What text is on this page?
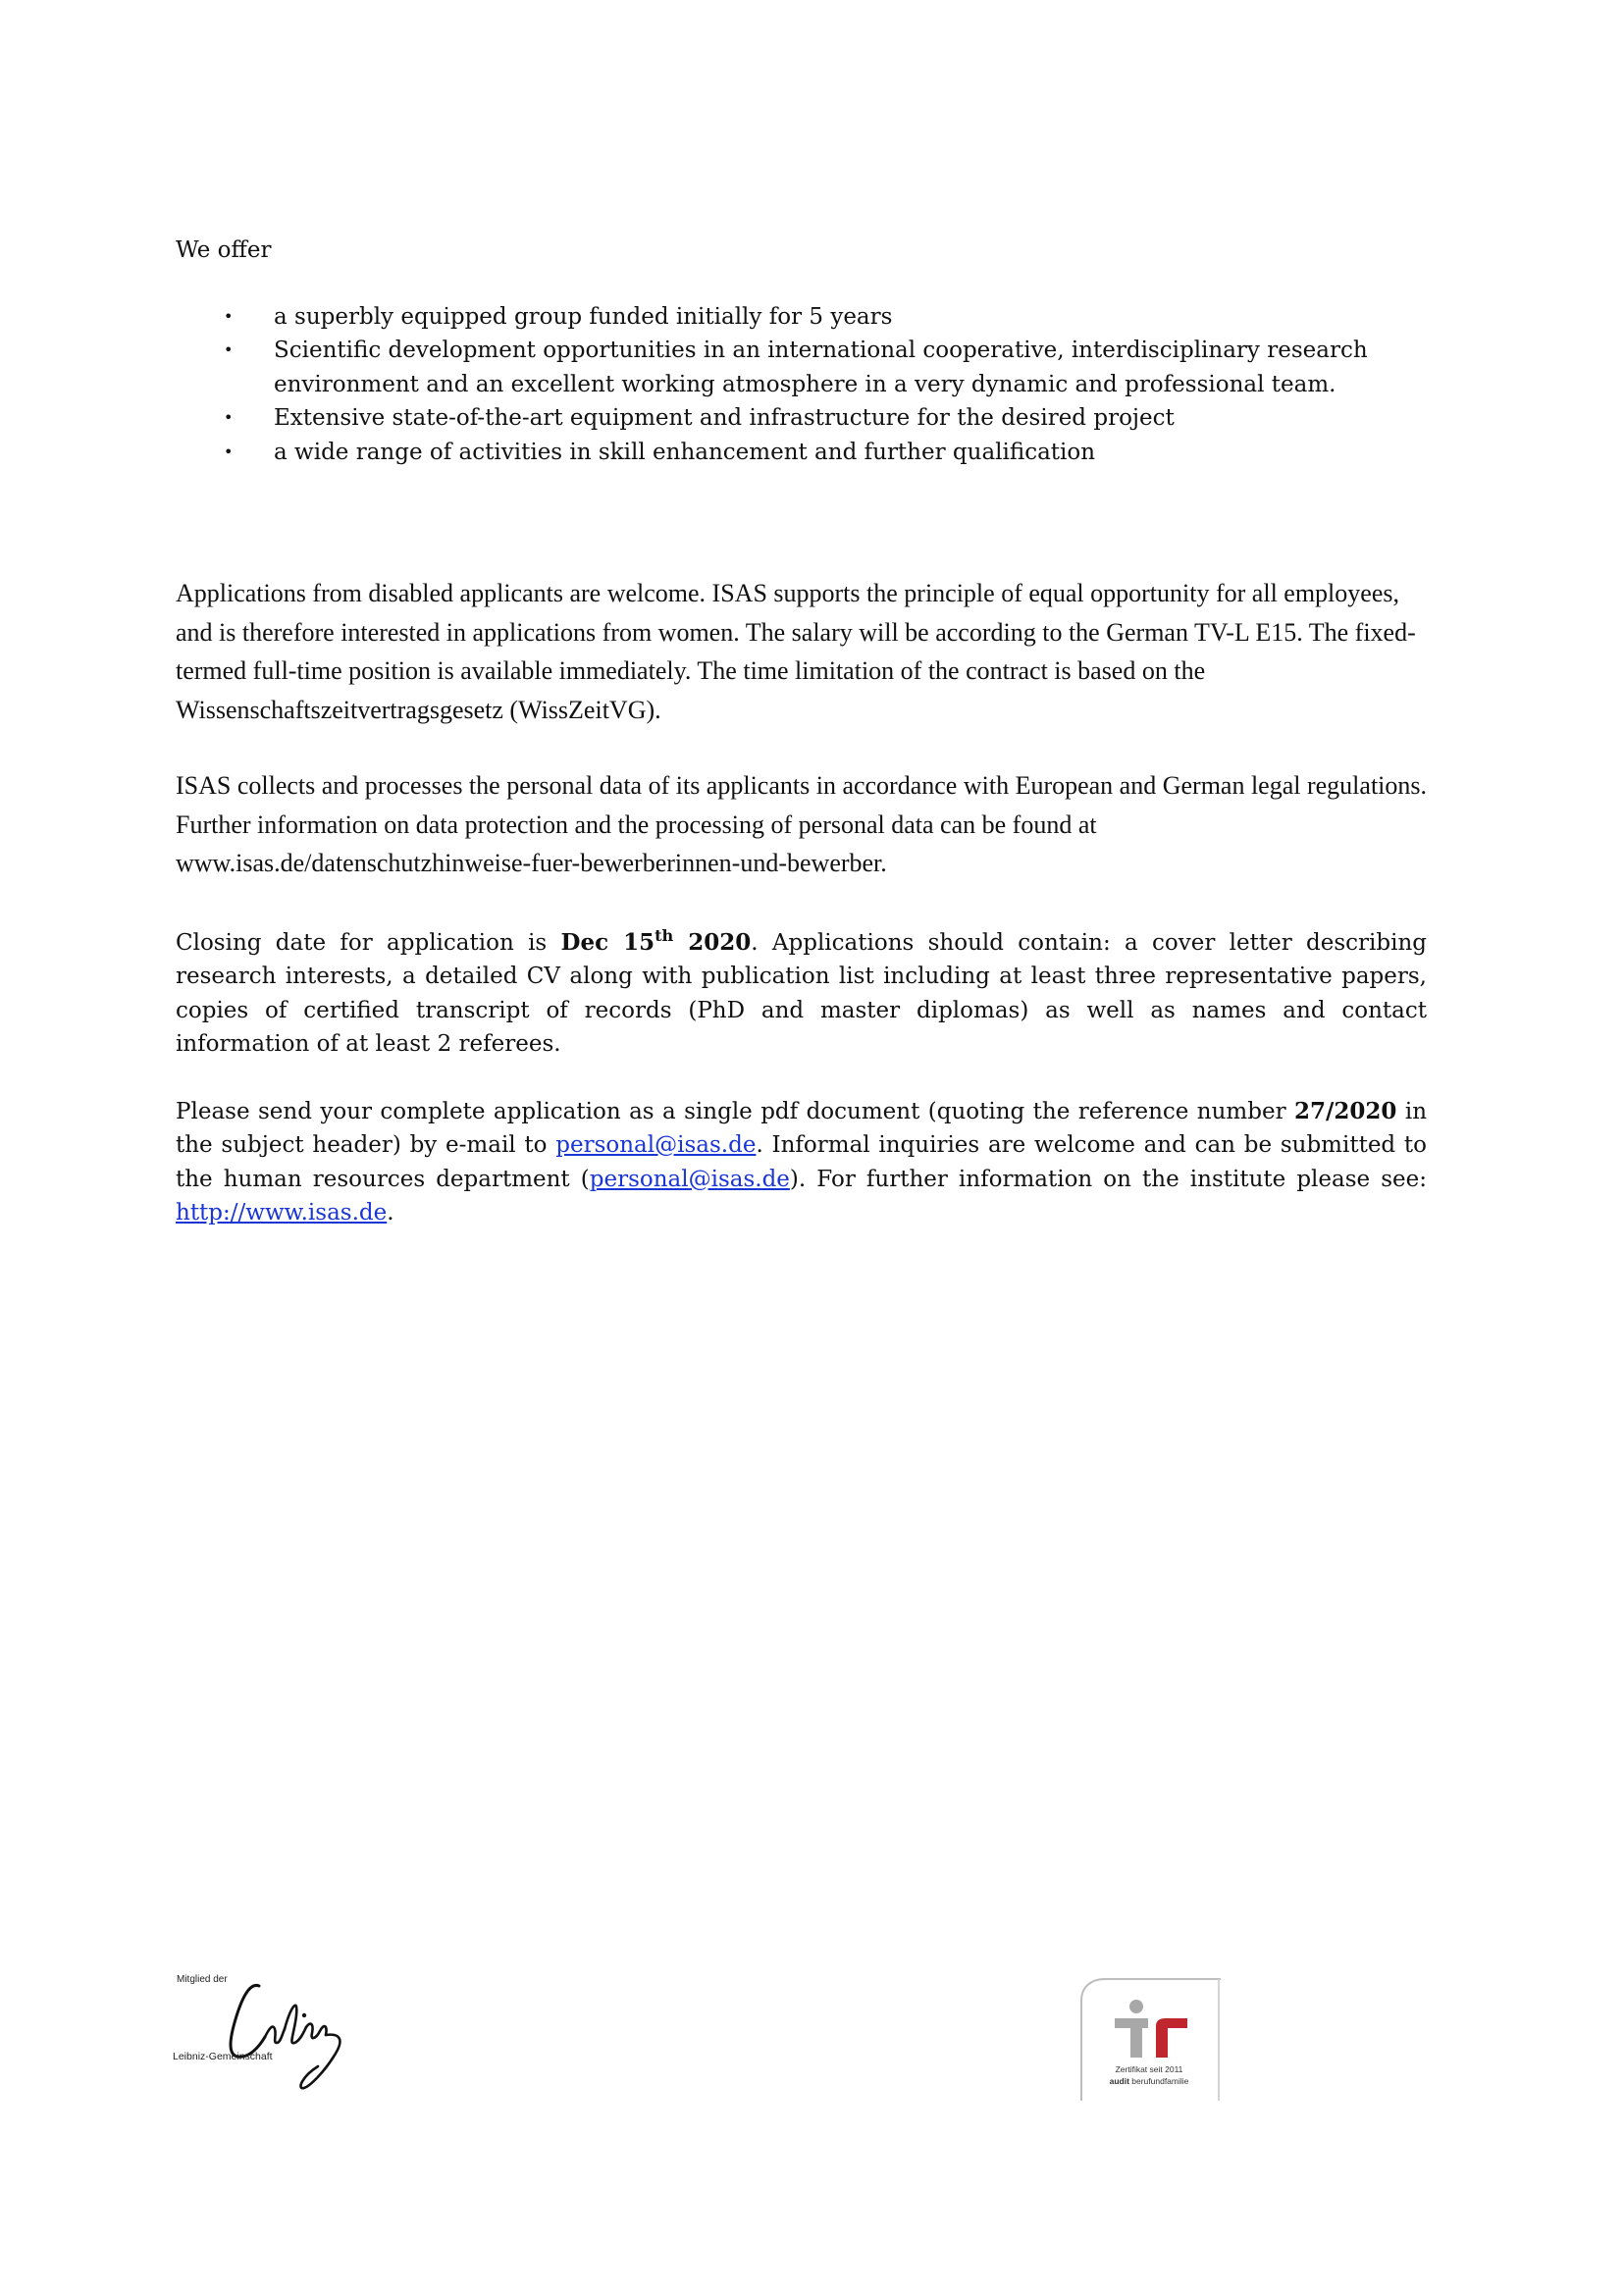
We offer

• a superbly equipped group funded initially for 5 years
• Scientific development opportunities in an international cooperative, interdisciplinary research environment and an excellent working atmosphere in a very dynamic and professional team.
• Extensive state-of-the-art equipment and infrastructure for the desired project
• a wide range of activities in skill enhancement and further qualification

Applications from disabled applicants are welcome. ISAS supports the principle of equal opportunity for all employees, and is therefore interested in applications from women. The salary will be according to the German TV-L E15. The fixed-termed full-time position is available immediately. The time limitation of the contract is based on the Wissenschaftszeitvertragsgesetz (WissZeitVG).

ISAS collects and processes the personal data of its applicants in accordance with European and German legal regulations. Further information on data protection and the processing of personal data can be found at www.isas.de/datenschutzhinweise-fuer-bewerberinnen-und-bewerber.

Closing date for application is Dec 15th 2020. Applications should contain: a cover letter describing research interests, a detailed CV along with publication list including at least three representative papers, copies of certified transcript of records (PhD and master diplomas) as well as names and contact information of at least 2 referees.

Please send your complete application as a single pdf document (quoting the reference number 27/2020 in the subject header) by e-mail to personal@isas.de. Informal inquiries are welcome and can be submitted to the human resources department (personal@isas.de). For further information on the institute please see: http://www.isas.de.

Mitglied der
Leibniz-Gemeinschaft
Zertifikat seit 2011
audit berufundfamilie
